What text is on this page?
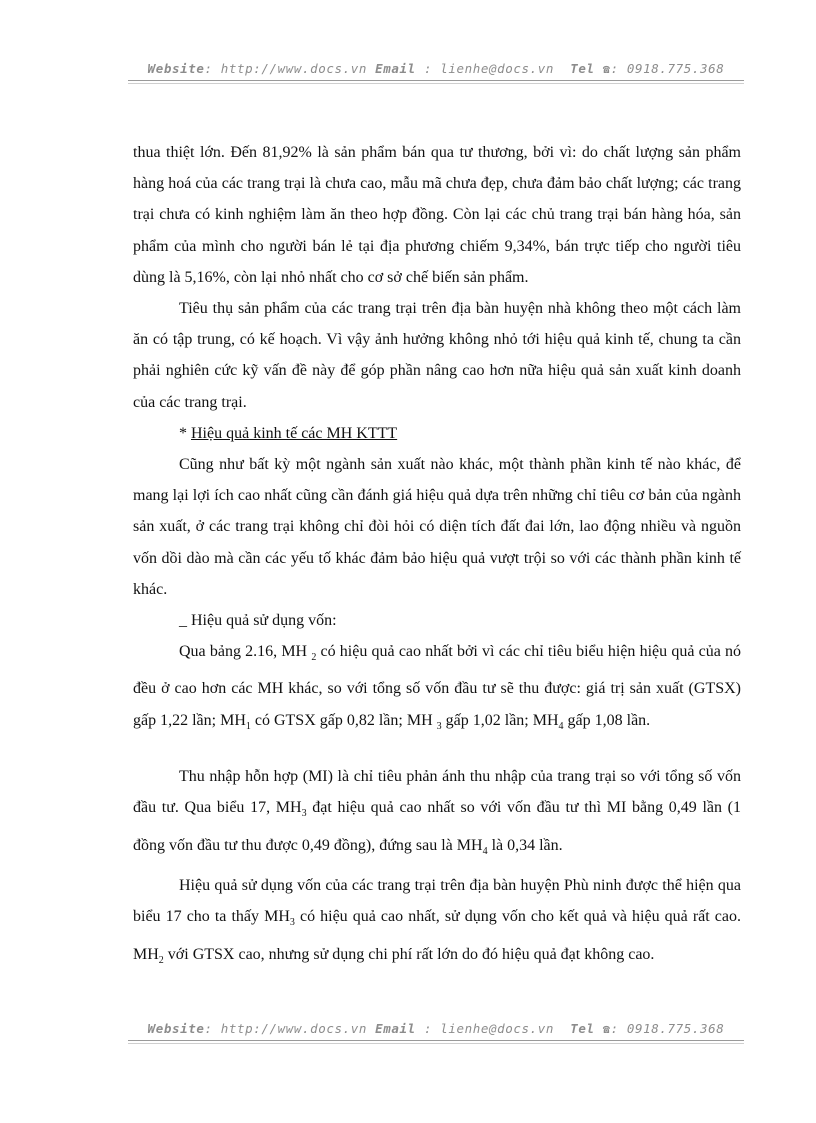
Website: http://www.docs.vn Email : lienhe@docs.vn Tel ☎: 0918.775.368

thua thiệt lớn. Đến 81,92% là sản phẩm bán qua tư thương, bởi vì: do chất lượng sản phẩm hàng hoá của các trang trại là chưa cao, mẫu mã chưa đẹp, chưa đảm bảo chất lượng; các trang trại chưa có kinh nghiệm làm ăn theo hợp đồng. Còn lại các chủ trang trại bán hàng hóa, sản phẩm của mình cho người bán lẻ tại địa phương chiếm 9,34%, bán trực tiếp cho người tiêu dùng là 5,16%, còn lại nhỏ nhất cho cơ sở chế biến sản phẩm.

Tiêu thụ sản phẩm của các trang trại trên địa bàn huyện nhà không theo một cách làm ăn có tập trung, có kế hoạch. Vì vậy ảnh hưởng không nhỏ tới hiệu quả kinh tế, chung ta cần phải nghiên cức kỹ vấn đề này để góp phần nâng cao hơn nữa hiệu quả sản xuất kinh doanh của các trang trại.

* Hiệu quả kinh tế các MH KTTT

Cũng như bất kỳ một ngành sản xuất nào khác, một thành phần kinh tế nào khác, để mang lại lợi ích cao nhất cũng cần đánh giá hiệu quả dựa trên những chỉ tiêu cơ bản của ngành sản xuất, ở các trang trại không chỉ đòi hỏi có diện tích đất đai lớn, lao động nhiều và nguồn vốn dồi dào mà cần các yếu tố khác đảm bảo hiệu quả vượt trội so với các thành phần kinh tế khác.

_ Hiệu quả sử dụng vốn:

Qua bảng 2.16, MH $_2$ có hiệu quả cao nhất bởi vì các chỉ tiêu biểu hiện hiệu quả của nó đều ở cao hơn các MH khác, so với tổng số vốn đầu tư sẽ thu được: giá trị sản xuất (GTSX) gấp 1,22 lần; $MH_1$ có GTSX gấp 0,82 lần; MH $_3$ gấp 1,02 lần; $MH_4$ gấp 1,08 lần.

Thu nhập hỗn hợp (MI) là chỉ tiêu phản ánh thu nhập của trang trại so với tổng số vốn đầu tư. Qua biểu 17, $MH_3$ đạt hiệu quả cao nhất so với vốn đầu tư thì MI bằng 0,49 lần (1 đồng vốn đầu tư thu được 0,49 đồng), đứng sau là $MH_4$ là 0,34 lần.

Hiệu quả sử dụng vốn của các trang trại trên địa bàn huyện Phù ninh được thể hiện qua biểu 17 cho ta thấy $MH_3$ có hiệu quả cao nhất, sử dụng vốn cho kết quả và hiệu quả rất cao. $MH_2$ với GTSX cao, nhưng sử dụng chi phí rất lớn do đó hiệu quả đạt không cao.

Website: http://www.docs.vn Email : lienhe@docs.vn Tel ☎: 0918.775.368
